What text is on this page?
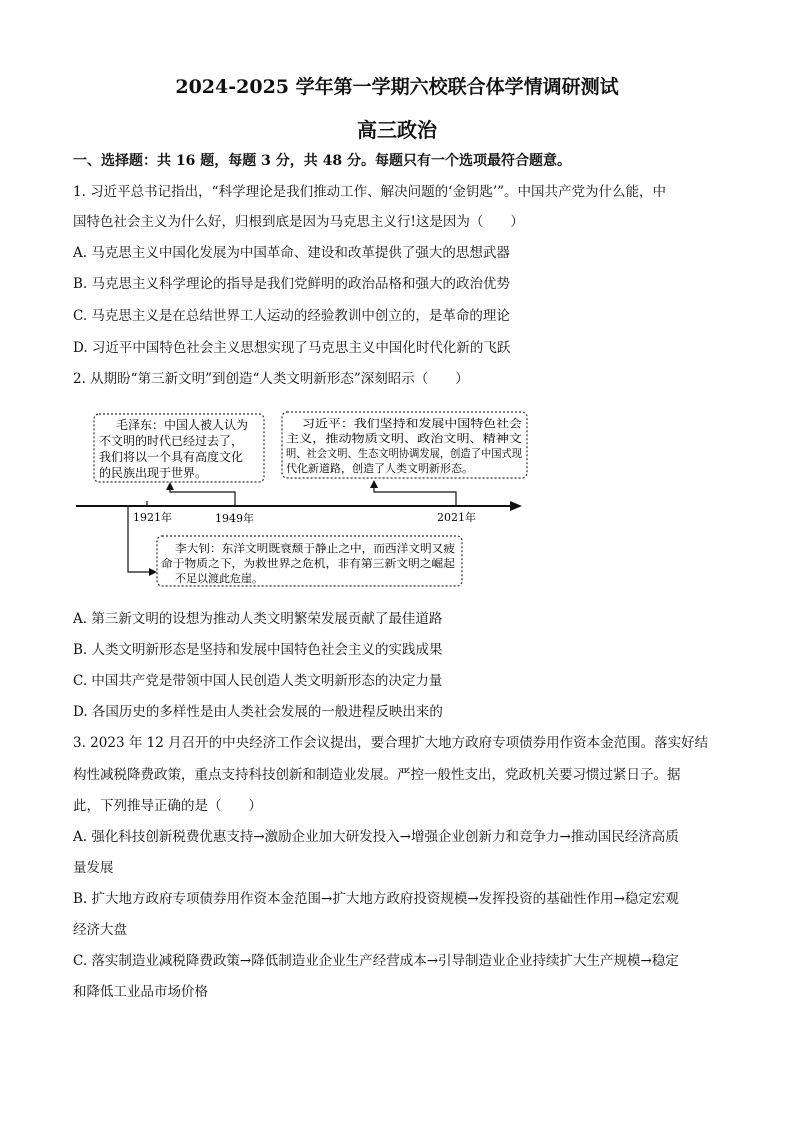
2024-2025 学年第一学期六校联合体学情调研测试
高三政治
一、选择题：共 16 题，每题 3 分，共 48 分。每题只有一个选项最符合题意。
1. 习近平总书记指出，“科学理论是我们推动工作、解决问题的‘金钥匙’”。中国共产党为什么能，中
国特色社会主义为什么好，归根到底是因为马克思主义行!这是因为（　　）
A. 马克思主义中国化发展为中国革命、建设和改革提供了强大的思想武器
B. 马克思主义科学理论的指导是我们党鲜明的政治品格和强大的政治优势
C. 马克思主义是在总结世界工人运动的经验教训中创立的，是革命的理论
D. 习近平中国特色社会主义思想实现了马克思主义中国化时代化新的飞跃
2. 从期盼“第三新文明”到创造“人类文明新形态”深刻昭示（　　）
毛泽东：中国人被人认为
不文明的时代已经过去了，
我们将以一个具有高度文化
的民族出现于世界。
习近平：我们坚持和发展中国特色社会
主义，推动物质文明、政治文明、精神文
明、社会文明、生态文明协调发展，创造了中国式现
代化新道路，创造了人类文明新形态。
1921年	1949年	2021年
李大钊：东洋文明既衰颓于静止之中，而西洋文明又疲
命于物质之下，为救世界之危机，非有第三新文明之崛起
不足以渡此危崖。
A. 第三新文明的设想为推动人类文明繁荣发展贡献了最佳道路
B. 人类文明新形态是坚持和发展中国特色社会主义的实践成果
C. 中国共产党是带领中国人民创造人类文明新形态的决定力量
D. 各国历史的多样性是由人类社会发展的一般进程反映出来的
3. 2023 年 12 月召开的中央经济工作会议提出，要合理扩大地方政府专项债券用作资本金范围。落实好结
构性减税降费政策，重点支持科技创新和制造业发展。严控一般性支出，党政机关要习惯过紧日子。据
此，下列推导正确的是（　　）
A. 强化科技创新税费优惠支持→激励企业加大研发投入→增强企业创新力和竞争力→推动国民经济高质
量发展
B. 扩大地方政府专项债券用作资本金范围→扩大地方政府投资规模→发挥投资的基础性作用→稳定宏观
经济大盘
C. 落实制造业减税降费政策→降低制造业企业生产经营成本→引导制造业企业持续扩大生产规模→稳定
和降低工业品市场价格
